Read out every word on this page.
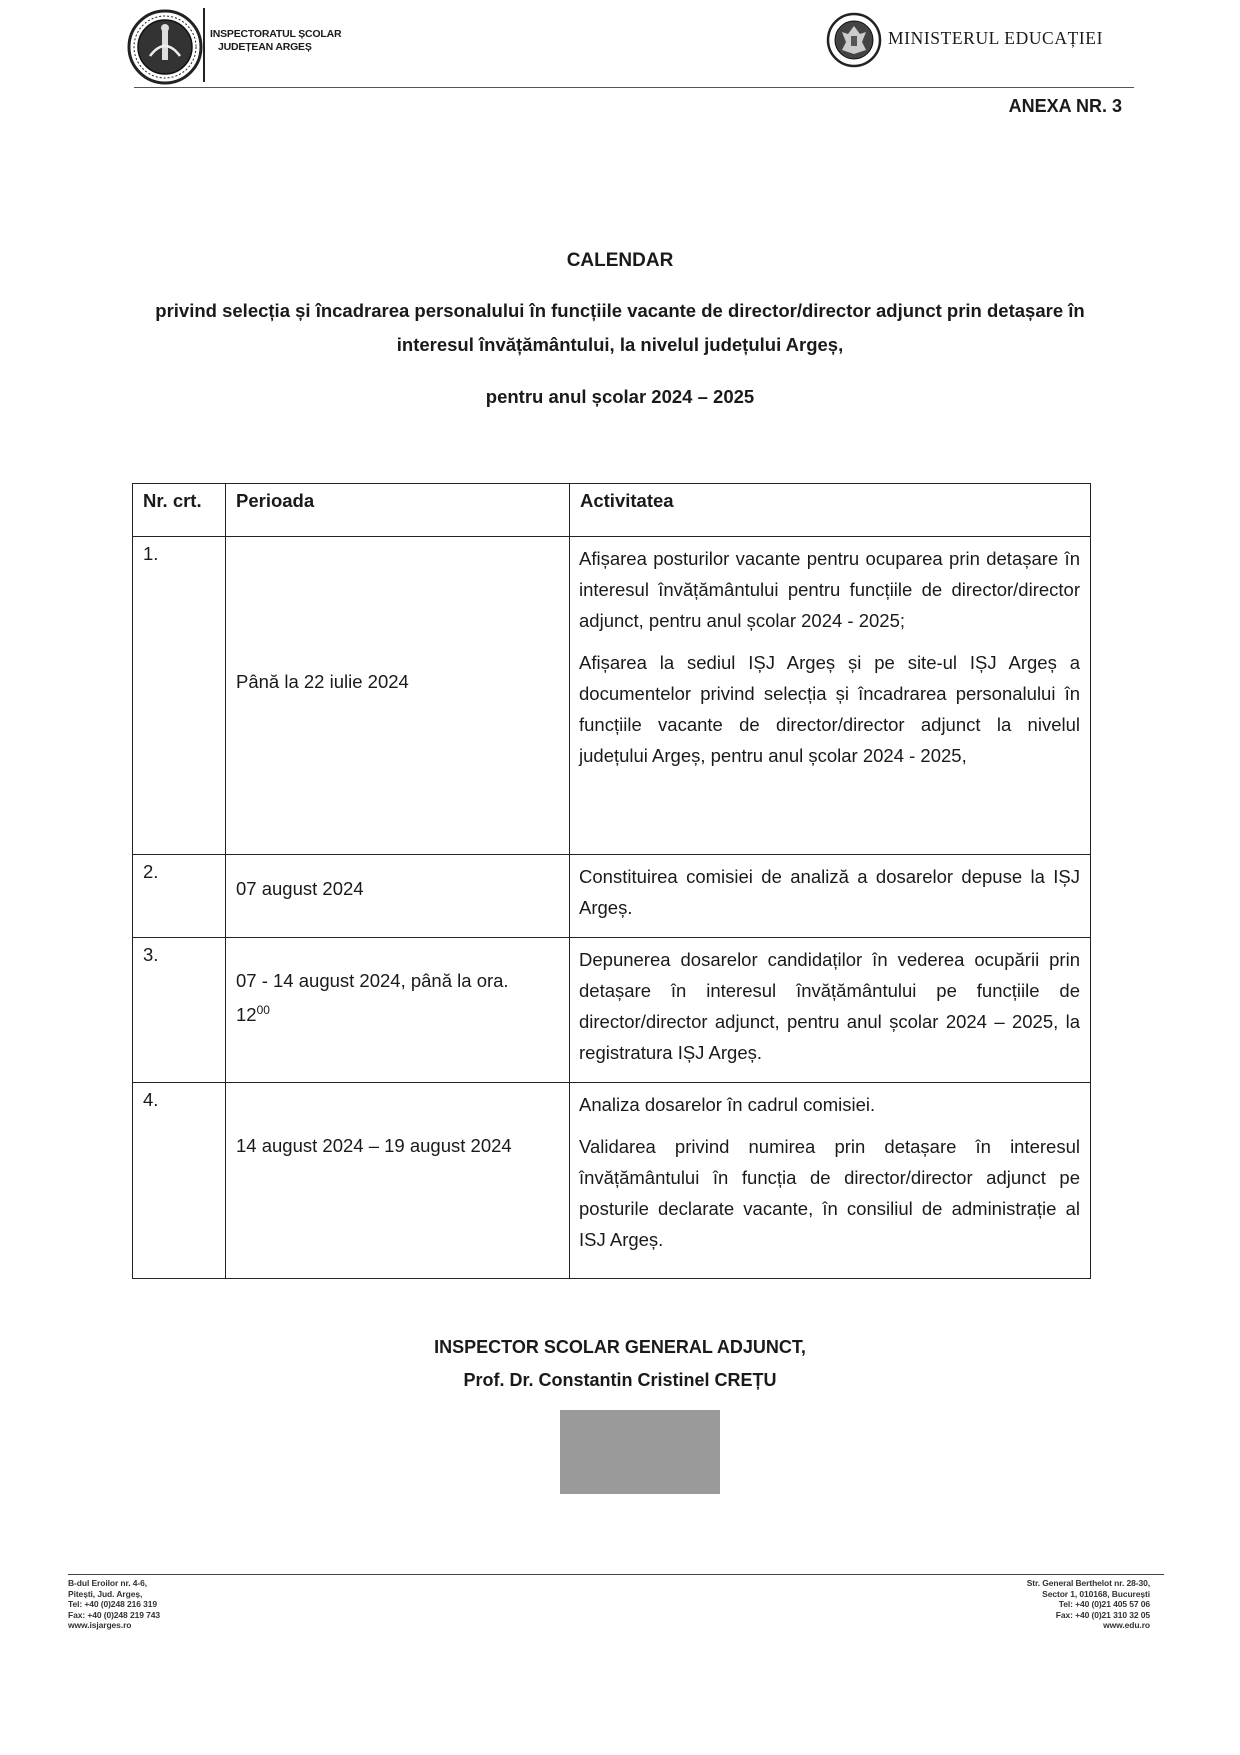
INSPECTORATUL ȘCOLAR
JUDEȚEAN ARGEȘ	MINISTERUL EDUCAȚIEI
ANEXA NR. 3
CALENDAR
privind selecția și încadrarea personalului în funcțiile vacante de director/director adjunct prin detașare în
interesul învățământului, la nivelul județului Argeș,
pentru anul școlar 2024 – 2025
Nr. crt.	Perioada	Activitatea

1.	Până la 22 iulie 2024	Afișarea posturilor vacante pentru ocuparea prin detașare în interesul învățământului pentru funcțiile de director/director adjunct, pentru anul școlar 2024 - 2025;

Afișarea la sediul IȘJ Argeș și pe site-ul IȘJ Argeș a documentelor privind selecția și încadrarea personalului în funcțiile vacante de director/director adjunct la nivelul județului Argeș, pentru anul școlar 2024 - 2025,

2.	07 august 2024	Constituirea comisiei de analiză a dosarelor depuse la IȘJ Argeș.

3.	07 - 14 august 2024, până la ora.
$12^{00}$	Depunerea dosarelor candidaților în vederea ocupării prin detașare în interesul învățământului pe funcțiile de director/director adjunct, pentru anul școlar 2024 – 2025, la registratura IȘJ Argeș.

4.	14 august 2024 – 19 august 2024	Analiza dosarelor în cadrul comisiei.

Validarea privind numirea prin detașare în interesul învățământului în funcția de director/director adjunct pe posturile declarate vacante, în consiliul de administrație al ISJ Argeș.

INSPECTOR SCOLAR GENERAL ADJUNCT,
Prof. Dr. Constantin Cristinel CREȚU
B-dul Eroilor nr. 4-6,
Pitești, Jud. Argeș,
Tel: +40 (0)248 216 319
Fax: +40 (0)248 219 743
www.isjarges.ro
Str. General Berthelot nr. 28-30,
Sector 1, 010168, București
Tel: +40 (0)21 405 57 06
Fax: +40 (0)21 310 32 05
www.edu.ro
